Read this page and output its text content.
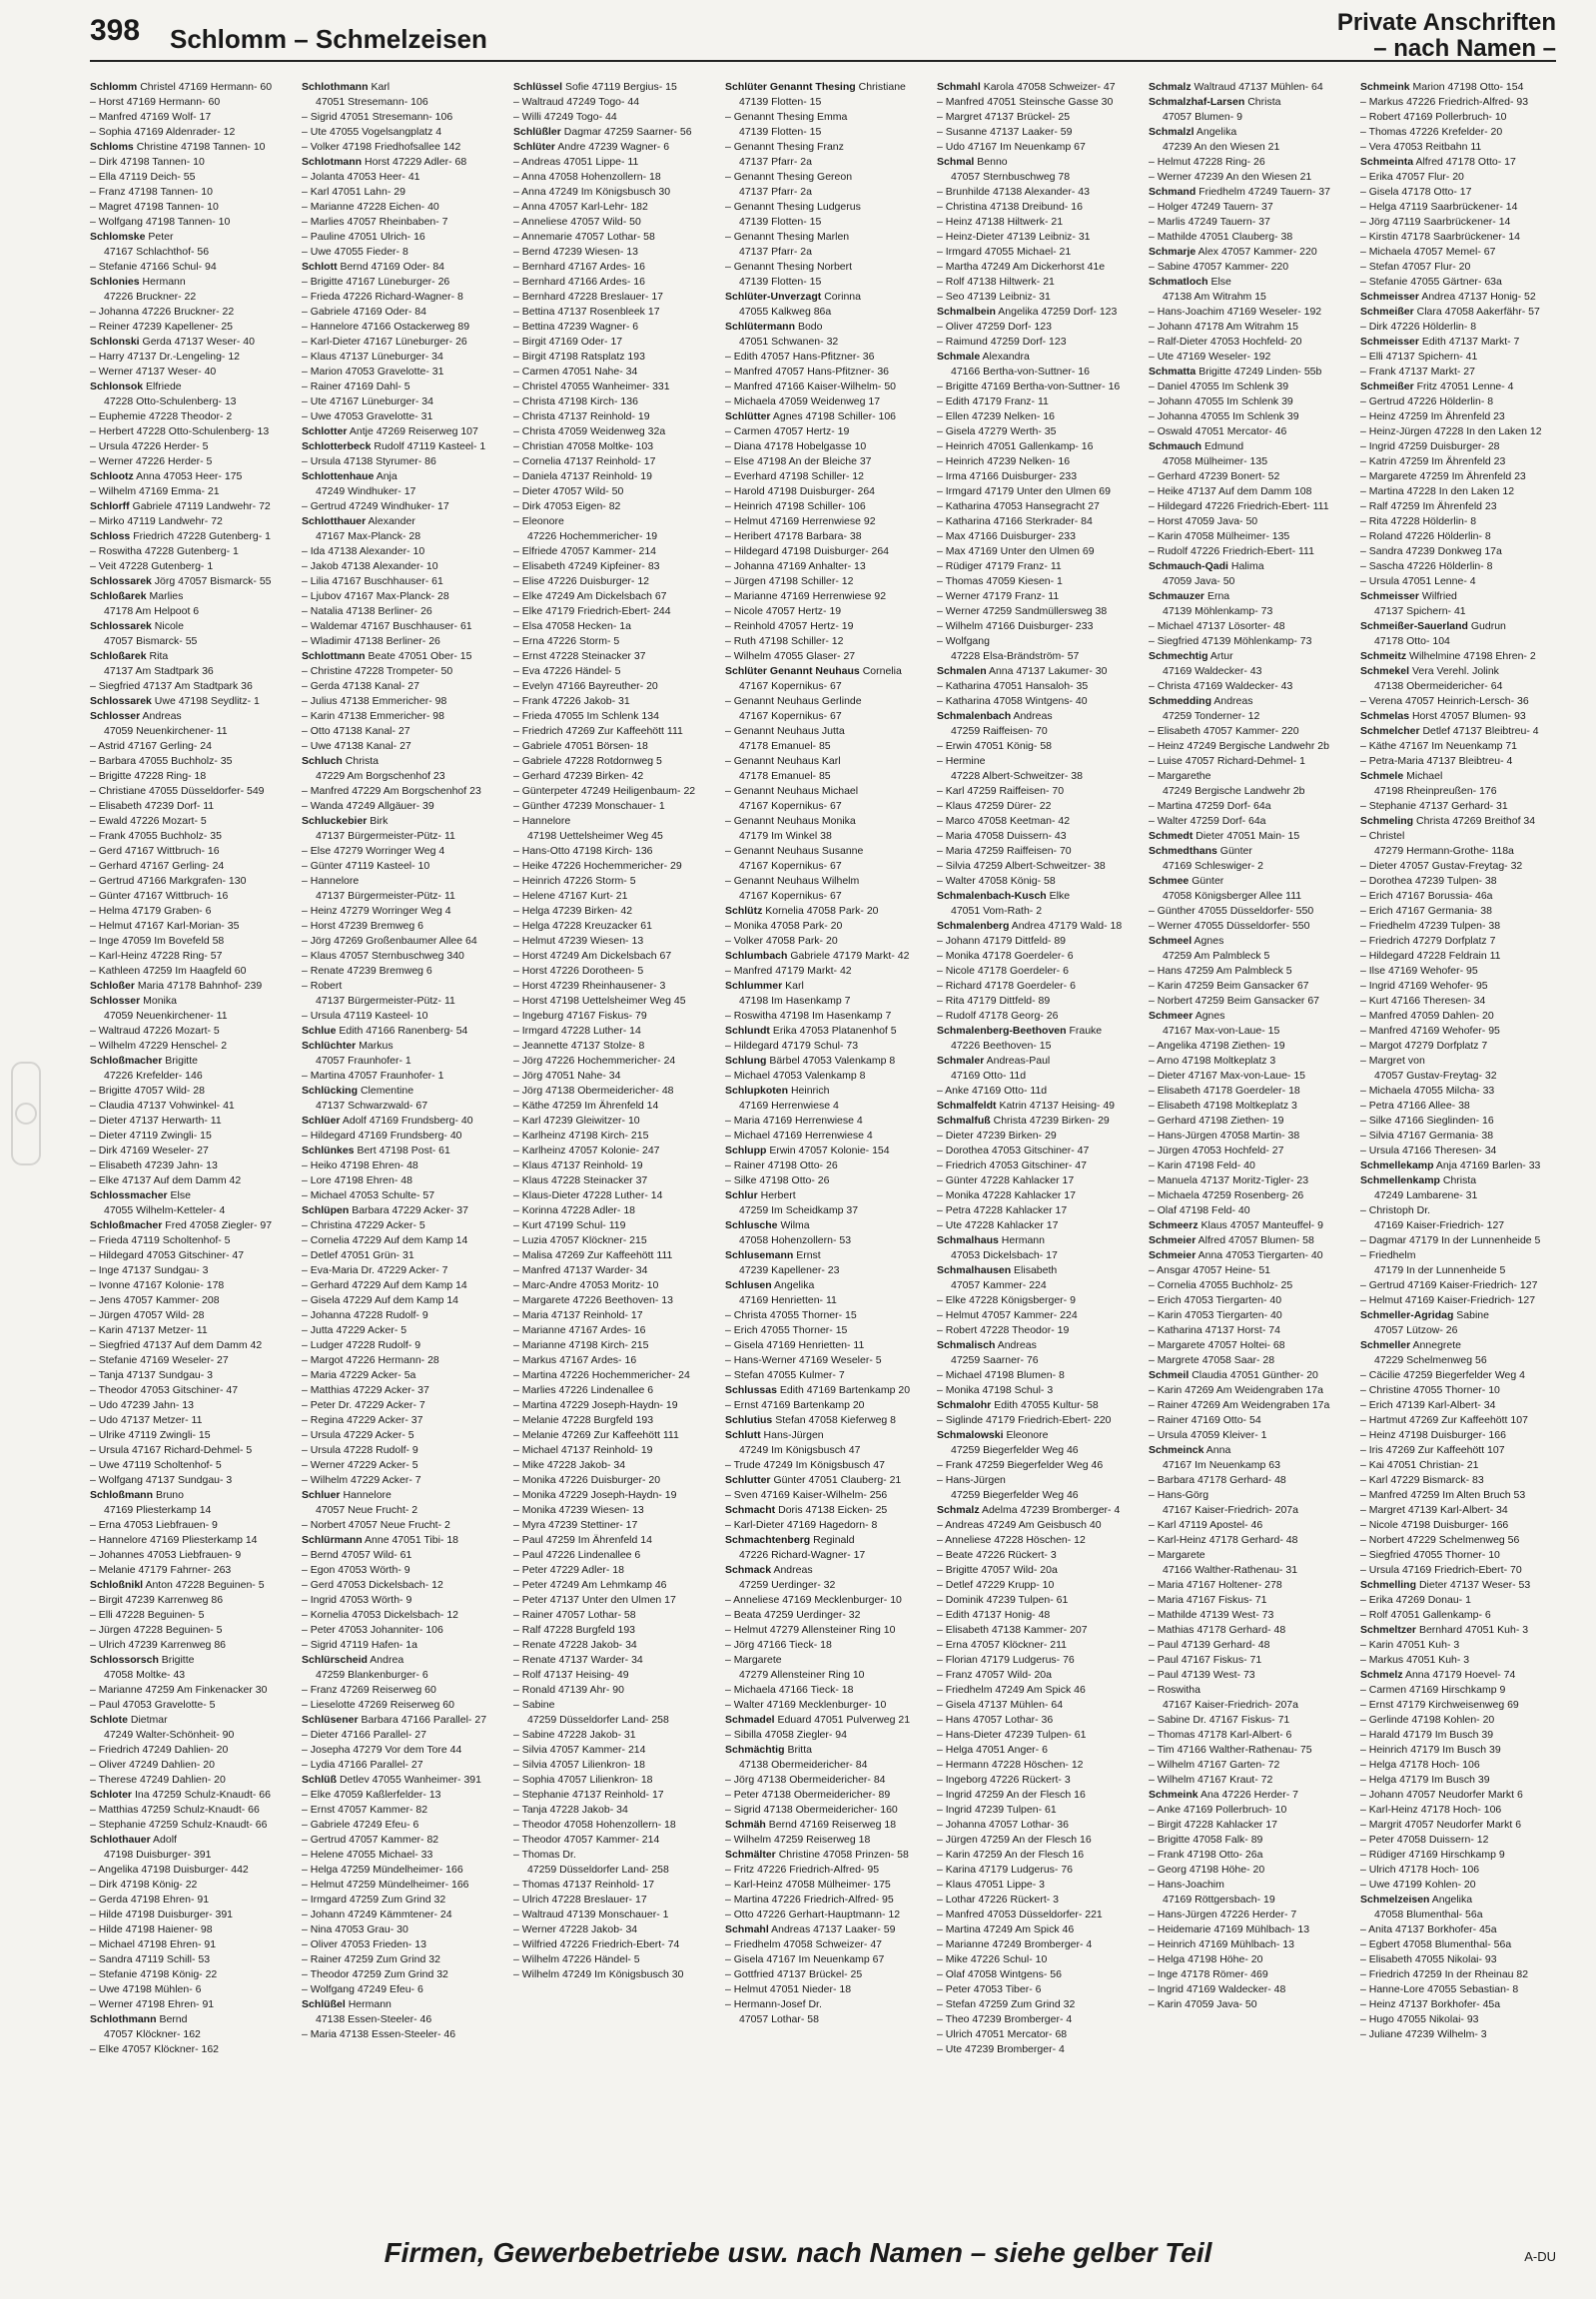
398 Schlomm – Schmelzeisen
Private Anschriften
– nach Namen –
Schlomm Christel 47169 Hermann- 60
– Horst 47169 Hermann- 60
– Manfred 47169 Wolf- 17
– Sophia 47169 Aldenrader- 12
Schloms Christine 47198 Tannen- 10
– Dirk 47198 Tannen- 10
– Ella 47119 Deich- 55
– Franz 47198 Tannen- 10
– Magret 47198 Tannen- 10
– Wolfgang 47198 Tannen- 10
Schlomske Peter
47167 Schlachthof- 56
– Stefanie 47166 Schul- 94
Schlonies Hermann
47226 Bruckner- 22
– Johanna 47226 Bruckner- 22
– Reiner 47239 Kapellener- 25
Schlonski Gerda 47137 Weser- 40
– Harry 47137 Dr.-Lengeling- 12
– Werner 47137 Weser- 40
Schlonsok Elfriede
47228 Otto-Schulenberg- 13
– Euphemie 47228 Theodor- 2
– Herbert 47228 Otto-Schulenberg- 13
– Ursula 47226 Herder- 5
– Werner 47226 Herder- 5
Schlootz Anna 47053 Heer- 175
– Wilhelm 47169 Emma- 21
Schlorff Gabriele 47119 Landwehr- 72
– Mirko 47119 Landwehr- 72
Schloss Friedrich 47228 Gutenberg- 1
– Roswitha 47228 Gutenberg- 1
– Veit 47228 Gutenberg- 1
Schlossarek Jörg 47057 Bismarck- 55
Schloßarek Marlies
47178 Am Helpoot 6
Schlossarek Nicole
47057 Bismarck- 55
Schloßarek Rita
47137 Am Stadtpark 36
– Siegfried 47137 Am Stadtpark 36
Schlossarek Uwe 47198 Seydlitz- 1
Schlosser Andreas
47059 Neuenkirchener- 11
– Astrid 47167 Gerling- 24
– Barbara 47055 Buchholz- 35
– Brigitte 47228 Ring- 18
– Christiane 47055 Düsseldorfer- 549
– Elisabeth 47239 Dorf- 11
– Ewald 47226 Mozart- 5
– Frank 47055 Buchholz- 35
– Gerd 47167 Wittbruch- 16
– Gerhard 47167 Gerling- 24
– Gertrud 47166 Markgrafen- 130
– Günter 47167 Wittbruch- 16
– Helma 47179 Graben- 6
– Helmut 47167 Karl-Morian- 35
– Inge 47059 Im Bovefeld 58
– Karl-Heinz 47228 Ring- 57
– Kathleen 47259 Im Haagfeld 60
Schloßer Maria 47178 Bahnhof- 239
Schlosser Monika
47059 Neuenkirchener- 11
– Waltraud 47226 Mozart- 5
– Wilhelm 47229 Henschel- 2
Schloßmacher Brigitte
47226 Krefelder- 146
– Brigitte 47057 Wild- 28
– Claudia 47137 Vohwinkel- 41
– Dieter 47137 Herwarth- 11
– Dieter 47119 Zwingli- 15
– Dirk 47169 Weseler- 27
– Elisabeth 47239 Jahn- 13
– Elke 47137 Auf dem Damm 42
Schlossmacher Else
47055 Wilhelm-Ketteler- 4
Schloßmacher Fred 47058 Ziegler- 97
– Frieda 47119 Scholtenhof- 5
– Hildegard 47053 Gitschiner- 47
– Inge 47137 Sundgau- 3
– Ivonne 47167 Kolonie- 178
– Jens 47057 Kammer- 208
– Jürgen 47057 Wild- 28
– Karin 47137 Metzer- 11
– Siegfried 47137 Auf dem Damm 42
– Stefanie 47169 Weseler- 27
– Tanja 47137 Sundgau- 3
– Theodor 47053 Gitschiner- 47
– Udo 47239 Jahn- 13
– Udo 47137 Metzer- 11
– Ulrike 47119 Zwingli- 15
– Ursula 47167 Richard-Dehmel- 5
– Uwe 47119 Scholtenhof- 5
– Wolfgang 47137 Sundgau- 3
Schloßmann Bruno
47169 Pliesterkamp 14
– Erna 47053 Liebfrauen- 9
– Hannelore 47169 Pliesterkamp 14
– Johannes 47053 Liebfrauen- 9
– Melanie 47179 Fahrner- 263
Schloßnikl Anton 47228 Beguinen- 5
– Birgit 47239 Karrenweg 86
– Elli 47228 Beguinen- 5
– Jürgen 47228 Beguinen- 5
– Ulrich 47239 Karrenweg 86
Schlossorsch Brigitte
47058 Moltke- 43
– Marianne 47259 Am Finkenacker 30
– Paul 47053 Gravelotte- 5
Schlote Dietmar
47249 Walter-Schönheit- 90
– Friedrich 47249 Dahlien- 20
– Oliver 47249 Dahlien- 20
– Therese 47249 Dahlien- 20
Schloter Ina 47259 Schulz-Knaudt- 66
– Matthias 47259 Schulz-Knaudt- 66
– Stephanie 47259 Schulz-Knaudt- 66
Schlothauer Adolf
47198 Duisburger- 391
– Angelika 47198 Duisburger- 442
– Dirk 47198 König- 22
– Gerda 47198 Ehren- 91
– Hilde 47198 Duisburger- 391
– Hilde 47198 Haiener- 98
– Michael 47198 Ehren- 91
– Sandra 47119 Schill- 53
– Stefanie 47198 König- 22
– Uwe 47198 Mühlen- 6
– Werner 47198 Ehren- 91
Schlothmann Bernd
47057 Klöckner- 162
– Elke 47057 Klöckner- 162
Schlothmann Karl
47051 Stresemann- 106
– Sigrid 47051 Stresemann- 106
– Ute 47055 Vogelsangplatz 4
– Volker 47198 Friedhofsallee 142
Schlotmann Horst 47229 Adler- 68
– Jolanta 47053 Heer- 41
– Karl 47051 Lahn- 29
– Marianne 47228 Eichen- 40
– Marlies 47057 Rheinbaben- 7
– Pauline 47051 Ulrich- 16
– Uwe 47055 Fieder- 8
Schlott Bernd 47169 Oder- 84
– Brigitte 47167 Lüneburger- 26
– Frieda 47226 Richard-Wagner- 8
– Gabriele 47169 Oder- 84
– Hannelore 47166 Ostackerweg 89
– Karl-Dieter 47167 Lüneburger- 26
– Klaus 47137 Lüneburger- 34
– Marion 47053 Gravelotte- 31
– Rainer 47169 Dahl- 5
– Ute 47167 Lüneburger- 34
– Uwe 47053 Gravelotte- 31
Schlotter Antje 47269 Reiserweg 107
Schlotterbeck Rudolf 47119 Kasteel- 1
– Ursula 47138 Styrumer- 86
Schlottenhaue Anja
47249 Windhuker- 17
– Gertrud 47249 Windhuker- 17
Schlotthauer Alexander
47167 Max-Planck- 28
– Ida 47138 Alexander- 10
– Jakob 47138 Alexander- 10
– Lilia 47167 Buschhauser- 61
– Ljubov 47167 Max-Planck- 28
– Natalia 47138 Berliner- 26
– Waldemar 47167 Buschhauser- 61
– Wladimir 47138 Berliner- 26
Schlottmann Beate 47051 Ober- 15
– Christine 47228 Trompeter- 50
– Gerda 47138 Kanal- 27
– Julius 47138 Emmericher- 98
– Karin 47138 Emmericher- 98
– Otto 47138 Kanal- 27
– Uwe 47138 Kanal- 27
Schluch Christa
47229 Am Borgschenhof 23
– Manfred 47229 Am Borgschenhof 23
– Wanda 47249 Allgäuer- 39
Schluckebier Birk
47137 Bürgermeister-Pütz- 11
– Else 47279 Worringer Weg 4
– Günter 47119 Kasteel- 10
– Hannelore
47137 Bürgermeister-Pütz- 11
– Heinz 47279 Worringer Weg 4
– Horst 47239 Bremweg 6
– Jörg 47269 Großenbaumer Allee 64
– Klaus 47057 Sternbuschweg 340
– Renate 47239 Bremweg 6
– Robert
47137 Bürgermeister-Pütz- 11
– Ursula 47119 Kasteel- 10
Schlue Edith 47166 Ranenberg- 54
Schlüchter Markus
47057 Fraunhofer- 1
– Martina 47057 Fraunhofer- 1
Schlücking Clementine
47137 Schwarzwald- 67
Schlüer Adolf 47169 Frundsberg- 40
– Hildegard 47169 Frundsberg- 40
Schlünkes Bert 47198 Post- 61
– Heiko 47198 Ehren- 48
– Lore 47198 Ehren- 48
– Michael 47053 Schulte- 57
Schlüpen Barbara 47229 Acker- 37
– Christina 47229 Acker- 5
– Cornelia 47229 Auf dem Kamp 14
– Detlef 47051 Grün- 31
– Eva-Maria Dr. 47229 Acker- 7
– Gerhard 47229 Auf dem Kamp 14
– Gisela 47229 Auf dem Kamp 14
– Johanna 47228 Rudolf- 9
– Jutta 47229 Acker- 5
– Ludger 47228 Rudolf- 9
– Margot 47226 Hermann- 28
– Maria 47229 Acker- 5a
– Matthias 47229 Acker- 37
– Peter Dr. 47229 Acker- 7
– Regina 47229 Acker- 37
– Ursula 47229 Acker- 5
– Ursula 47228 Rudolf- 9
– Werner 47229 Acker- 5
– Wilhelm 47229 Acker- 7
Schluer Hannelore
47057 Neue Frucht- 2
– Norbert 47057 Neue Frucht- 2
Schlürmann Anne 47051 Tibi- 18
– Bernd 47057 Wild- 61
– Egon 47053 Wörth- 9
– Gerd 47053 Dickelsbach- 12
– Ingrid 47053 Wörth- 9
– Kornelia 47053 Dickelsbach- 12
– Peter 47053 Johanniter- 106
– Sigrid 47119 Hafen- 1a
Schlürscheid Andrea
47259 Blankenburger- 6
– Franz 47269 Reiserweg 60
– Lieselotte 47269 Reiserweg 60
Schlüsener Barbara 47166 Parallel- 27
– Dieter 47166 Parallel- 27
– Josepha 47279 Vor dem Tore 44
– Lydia 47166 Parallel- 27
Schlüß Detlev 47055 Wanheimer- 391
– Elke 47059 Kaßlerfelder- 13
– Ernst 47057 Kammer- 82
– Gabriele 47249 Efeu- 6
– Gertrud 47057 Kammer- 82
– Helene 47055 Michael- 33
– Helga 47259 Mündelheimer- 166
– Helmut 47259 Mündelheimer- 166
– Irmgard 47259 Zum Grind 32
– Johann 47249 Kämmtener- 24
– Nina 47053 Grau- 30
– Oliver 47053 Frieden- 13
– Rainer 47259 Zum Grind 32
– Theodor 47259 Zum Grind 32
– Wolfgang 47249 Efeu- 6
Schlüßel Hermann
47138 Essen-Steeler- 46
– Maria 47138 Essen-Steeler- 46
Schlüssel Sofie 47119 Bergius- 15
– Waltraud 47249 Togo- 44
– Willi 47249 Togo- 44
Schlüßler Dagmar 47259 Saarner- 56
Schlüter Andre 47239 Wagner- 6
– Andreas 47051 Lippe- 11
– Anna 47058 Hohenzollern- 18
– Anna 47249 Im Königsbusch 30
– Anna 47057 Karl-Lehr- 182
– Anneliese 47057 Wild- 50
– Annemarie 47057 Lothar- 58
– Bernd 47239 Wiesen- 13
– Bernhard 47167 Ardes- 16
– Bernhard 47166 Ardes- 16
– Bernhard 47228 Breslauer- 17
– Bettina 47137 Rosenbleek 17
– Bettina 47239 Wagner- 6
– Birgit 47169 Oder- 17
– Birgit 47198 Ratsplatz 193
– Carmen 47051 Nahe- 34
– Christel 47055 Wanheimer- 331
– Christa 47198 Kirch- 136
– Christa 47137 Reinhold- 19
– Christa 47059 Weidenweg 32a
– Christian 47058 Moltke- 103
– Cornelia 47137 Reinhold- 17
– Daniela 47137 Reinhold- 19
– Dieter 47057 Wild- 50
– Dirk 47053 Eigen- 82
– Eleonore
47226 Hochemmericher- 19
– Elfriede 47057 Kammer- 214
– Elisabeth 47249 Kipfeiner- 83
– Elise 47226 Duisburger- 12
– Elke 47249 Am Dickelsbach 67
– Elke 47179 Friedrich-Ebert- 244
– Elsa 47058 Hecken- 1a
– Erna 47226 Storm- 5
– Ernst 47228 Steinacker 37
– Eva 47226 Händel- 5
– Evelyn 47166 Bayreuther- 20
– Frank 47226 Jakob- 31
– Frieda 47055 Im Schlenk 134
– Friedrich 47269 Zur Kaffeehött 111
– Gabriele 47051 Börsen- 18
– Gabriele 47228 Rotdornweg 5
– Gerhard 47239 Birken- 42
– Günterpeter 47249 Heiligenbaum- 22
– Günther 47239 Monschauer- 1
– Hannelore
47198 Uettelsheimer Weg 45
– Hans-Otto 47198 Kirch- 136
– Heike 47226 Hochemmericher- 29
– Heinrich 47226 Storm- 5
– Helene 47167 Kurt- 21
– Helga 47239 Birken- 42
– Helga 47228 Kreuzacker 61
– Helmut 47239 Wiesen- 13
– Horst 47249 Am Dickelsbach 67
– Horst 47226 Dorotheen- 5
– Horst 47239 Rheinhausener- 3
– Horst 47198 Uettelsheimer Weg 45
– Ingeburg 47167 Fiskus- 79
– Irmgard 47228 Luther- 14
– Jeannette 47137 Stolze- 8
– Jörg 47226 Hochemmericher- 24
– Jörg 47051 Nahe- 34
– Jörg 47138 Obermeidericher- 48
– Käthe 47259 Im Ährenfeld 14
– Karl 47239 Gleiwitzer- 10
– Karlheinz 47198 Kirch- 215
– Karlheinz 47057 Kolonie- 247
– Klaus 47137 Reinhold- 19
– Klaus 47228 Steinacker 37
– Klaus-Dieter 47228 Luther- 14
– Korinna 47228 Adler- 18
– Kurt 47199 Schul- 119
– Luzia 47057 Klöckner- 215
– Malisa 47269 Zur Kaffeehött 111
– Manfred 47137 Warder- 34
– Marc-Andre 47053 Moritz- 10
– Margarete 47226 Beethoven- 13
– Maria 47137 Reinhold- 17
– Marianne 47167 Ardes- 16
– Marianne 47198 Kirch- 215
– Markus 47167 Ardes- 16
– Martina 47226 Hochemmericher- 24
– Marlies 47226 Lindenallee 6
– Martina 47229 Joseph-Haydn- 19
– Melanie 47228 Burgfeld 193
– Melanie 47269 Zur Kaffeehött 111
– Michael 47137 Reinhold- 19
– Mike 47228 Jakob- 34
– Monika 47226 Duisburger- 20
– Monika 47229 Joseph-Haydn- 19
– Monika 47239 Wiesen- 13
– Myra 47239 Stettiner- 17
– Paul 47259 Im Ährenfeld 14
– Paul 47226 Lindenallee 6
– Peter 47229 Adler- 18
– Peter 47249 Am Lehmkamp 46
– Peter 47137 Unter den Ulmen 17
– Rainer 47057 Lothar- 58
– Ralf 47228 Burgfeld 193
– Renate 47228 Jakob- 34
– Renate 47137 Warder- 34
– Rolf 47137 Heising- 49
– Ronald 47139 Ahr- 90
– Sabine
47259 Düsseldorfer Land- 258
– Sabine 47228 Jakob- 31
– Silvia 47057 Kammer- 214
– Silvia 47057 Lilienkron- 18
– Sophia 47057 Lilienkron- 18
– Stephanie 47137 Reinhold- 17
– Tanja 47228 Jakob- 34
– Theodor 47058 Hohenzollern- 18
– Theodor 47057 Kammer- 214
– Thomas Dr.
47259 Düsseldorfer Land- 258
– Thomas 47137 Reinhold- 17
– Ulrich 47228 Breslauer- 17
– Waltraud 47139 Monschauer- 1
– Werner 47228 Jakob- 34
– Wilfried 47226 Friedrich-Ebert- 74
– Wilhelm 47226 Händel- 5
– Wilhelm 47249 Im Königsbusch 30
Schlüter Genannt Thesing Christiane
47139 Flotten- 15
– Genannt Thesing Emma
47139 Flotten- 15
– Genannt Thesing Franz
47137 Pfarr- 2a
– Genannt Thesing Gereon
47137 Pfarr- 2a
– Genannt Thesing Ludgerus
47139 Flotten- 15
– Genannt Thesing Marlen
47137 Pfarr- 2a
– Genannt Thesing Norbert
47139 Flotten- 15
Schlüter-Unverzagt Corinna
47055 Kalkweg 86a
Schlütermann Bodo
47051 Schwanen- 32
– Edith 47057 Hans-Pfitzner- 36
– Manfred 47057 Hans-Pfitzner- 36
– Manfred 47166 Kaiser-Wilhelm- 50
– Michaela 47059 Weidenweg 17
Schlütter Agnes 47198 Schiller- 106
– Carmen 47057 Hertz- 19
– Diana 47178 Hobelgasse 10
– Else 47198 An der Bleiche 37
– Everhard 47198 Schiller- 12
– Harold 47198 Duisburger- 264
– Heinrich 47198 Schiller- 106
– Helmut 47169 Herrenwiese 92
– Heribert 47178 Barbara- 38
– Hildegard 47198 Duisburger- 264
– Johanna 47169 Anhalter- 13
– Jürgen 47198 Schiller- 12
– Marianne 47169 Herrenwiese 92
– Nicole 47057 Hertz- 19
– Reinhold 47057 Hertz- 19
– Ruth 47198 Schiller- 12
– Wilhelm 47055 Glaser- 27
Schlüter Genannt Neuhaus Cornelia
47167 Kopernikus- 67
– Genannt Neuhaus Gerlinde
47167 Kopernikus- 67
– Genannt Neuhaus Jutta
47178 Emanuel- 85
– Genannt Neuhaus Karl
47178 Emanuel- 85
– Genannt Neuhaus Michael
47167 Kopernikus- 67
– Genannt Neuhaus Monika
47179 Im Winkel 38
– Genannt Neuhaus Susanne
47167 Kopernikus- 67
– Genannt Neuhaus Wilhelm
47167 Kopernikus- 67
Schlütz Kornelia 47058 Park- 20
– Monika 47058 Park- 20
– Volker 47058 Park- 20
Schlumbach Gabriele 47179 Markt- 42
– Manfred 47179 Markt- 42
Schlummer Karl
47198 Im Hasenkamp 7
– Roswitha 47198 Im Hasenkamp 7
Schlundt Erika 47053 Platanenhof 5
– Hildegard 47179 Schul- 73
Schlung Bärbel 47053 Valenkamp 8
– Michael 47053 Valenkamp 8
Schlupkoten Heinrich
47169 Herrenwiese 4
– Maria 47169 Herrenwiese 4
– Michael 47169 Herrenwiese 4
Schlupp Erwin 47057 Kolonie- 154
– Rainer 47198 Otto- 26
– Silke 47198 Otto- 26
Schlur Herbert
47259 Im Scheidkamp 37
Schlusche Wilma
47058 Hohenzollern- 53
Schlusemann Ernst
47239 Kapellener- 23
Schlusen Angelika
47169 Henrietten- 11
– Christa 47055 Thorner- 15
– Erich 47055 Thorner- 15
– Gisela 47169 Henrietten- 11
– Hans-Werner 47169 Weseler- 5
– Stefan 47055 Kulmer- 7
Schlussas Edith 47169 Bartenkamp 20
– Ernst 47169 Bartenkamp 20
Schlutius Stefan 47058 Kieferweg 8
Schlutt Hans-Jürgen
47249 Im Königsbusch 47
– Trude 47249 Im Königsbusch 47
Schlutter Günter 47051 Clauberg- 21
– Sven 47169 Kaiser-Wilhelm- 256
Schmacht Doris 47138 Eicken- 25
– Karl-Dieter 47169 Hagedorn- 8
Schmachtenberg Reginald
47226 Richard-Wagner- 17
Schmack Andreas
47259 Uerdinger- 32
– Anneliese 47169 Mecklenburger- 10
– Beata 47259 Uerdinger- 32
– Helmut 47279 Allensteiner Ring 10
– Jörg 47166 Tieck- 18
– Margarete
47279 Allensteiner Ring 10
– Michaela 47166 Tieck- 18
– Walter 47169 Mecklenburger- 10
Schmadel Eduard 47051 Pulverweg 21
– Sibilla 47058 Ziegler- 94
Schmächtig Britta
47138 Obermeidericher- 84
– Jörg 47138 Obermeidericher- 84
– Peter 47138 Obermeidericher- 89
– Sigrid 47138 Obermeidericher- 160
Schmäh Bernd 47169 Reiserweg 18
– Wilhelm 47259 Reiserweg 18
Schmälter Christine 47058 Prinzen- 58
– Fritz 47226 Friedrich-Alfred- 95
– Karl-Heinz 47058 Mülheimer- 175
– Martina 47226 Friedrich-Alfred- 95
– Otto 47226 Gerhart-Hauptmann- 12
Schmahl Andreas 47137 Laaker- 59
– Friedhelm 47058 Schweizer- 47
– Gisela 47167 Im Neuenkamp 67
– Gottfried 47137 Brückel- 25
– Helmut 47051 Nieder- 18
– Hermann-Josef Dr.
47057 Lothar- 58
Schmahl Karola 47058 Schweizer- 47
– Manfred 47051 Steinsche Gasse 30
– Margret 47137 Brückel- 25
– Susanne 47137 Laaker- 59
– Udo 47167 Im Neuenkamp 67
Schmal Benno
47057 Sternbuschweg 78
– Brunhilde 47138 Alexander- 43
– Christina 47138 Dreibund- 16
– Heinz 47138 Hiltwerk- 21
– Heinz-Dieter 47139 Leibniz- 31
– Irmgard 47055 Michael- 21
– Martha 47249 Am Dickerhorst 41e
– Rolf 47138 Hiltwerk- 21
– Seo 47139 Leibniz- 31
Schmalbein Angelika 47259 Dorf- 123
– Oliver 47259 Dorf- 123
– Raimund 47259 Dorf- 123
Schmale Alexandra
47166 Bertha-von-Suttner- 16
– Brigitte 47169 Bertha-von-Suttner- 16
– Edith 47179 Franz- 11
– Ellen 47239 Nelken- 16
– Gisela 47279 Werth- 35
– Heinrich 47051 Gallenkamp- 16
– Heinrich 47239 Nelken- 16
– Irma 47166 Duisburger- 233
– Irmgard 47179 Unter den Ulmen 69
– Katharina 47053 Hansegracht 27
– Katharina 47166 Sterkrader- 84
– Max 47166 Duisburger- 233
– Max 47169 Unter den Ulmen 69
– Rüdiger 47179 Franz- 11
– Thomas 47059 Kiesen- 1
– Werner 47179 Franz- 11
– Werner 47259 Sandmüllersweg 38
– Wilhelm 47166 Duisburger- 233
– Wolfgang
47228 Elsa-Brändström- 57
Schmalen Anna 47137 Lakumer- 30
– Katharina 47051 Hansaloh- 35
– Katharina 47058 Wintgens- 40
Schmalenbach Andreas
47259 Raiffeisen- 70
– Erwin 47051 König- 58
– Hermine
47228 Albert-Schweitzer- 38
– Karl 47259 Raiffeisen- 70
– Klaus 47259 Dürer- 22
– Marco 47058 Keetman- 42
– Maria 47058 Duissern- 43
– Maria 47259 Raiffeisen- 70
– Silvia 47259 Albert-Schweitzer- 38
– Walter 47058 König- 58
Schmalenbach-Kusch Elke
47051 Vom-Rath- 2
Schmalenberg Andrea 47179 Wald- 18
– Johann 47179 Dittfeld- 89
– Monika 47178 Goerdeler- 6
– Nicole 47178 Goerdeler- 6
– Richard 47178 Goerdeler- 6
– Rita 47179 Dittfeld- 89
– Rudolf 47178 Georg- 26
Schmalenberg-Beethoven Frauke
47226 Beethoven- 15
Schmaler Andreas-Paul
47169 Otto- 11d
– Anke 47169 Otto- 11d
Schmalfeldt Katrin 47137 Heising- 49
Schmalfuß Christa 47239 Birken- 29
– Dieter 47239 Birken- 29
– Dorothea 47053 Gitschiner- 47
– Friedrich 47053 Gitschiner- 47
– Günter 47228 Kahlacker 17
– Monika 47228 Kahlacker 17
– Petra 47228 Kahlacker 17
– Ute 47228 Kahlacker 17
Schmalhaus Hermann
47053 Dickelsbach- 17
Schmalhausen Elisabeth
47057 Kammer- 224
– Elke 47228 Königsberger- 9
– Helmut 47057 Kammer- 224
– Robert 47228 Theodor- 19
Schmalisch Andreas
47259 Saarner- 76
– Michael 47198 Blumen- 8
– Monika 47198 Schul- 3
Schmalohr Edith 47055 Kultur- 58
– Siglinde 47179 Friedrich-Ebert- 220
Schmalowski Eleonore
47259 Biegerfelder Weg 46
– Frank 47259 Biegerfelder Weg 46
– Hans-Jürgen
47259 Biegerfelder Weg 46
Schmalz Adelma 47239 Bromberger- 4
– Andreas 47249 Am Geisbusch 40
– Anneliese 47228 Höschen- 12
– Beate 47226 Rückert- 3
– Brigitte 47057 Wild- 20a
– Detlef 47229 Krupp- 10
– Dominik 47239 Tulpen- 61
– Edith 47137 Honig- 48
– Elisabeth 47138 Kammer- 207
– Erna 47057 Klöckner- 211
– Florian 47179 Ludgerus- 76
– Franz 47057 Wild- 20a
– Friedhelm 47249 Am Spick 46
– Gisela 47137 Mühlen- 64
– Hans 47057 Lothar- 36
– Hans-Dieter 47239 Tulpen- 61
– Helga 47051 Anger- 6
– Hermann 47228 Höschen- 12
– Ingeborg 47226 Rückert- 3
– Ingrid 47259 An der Flesch 16
– Ingrid 47239 Tulpen- 61
– Johanna 47057 Lothar- 36
– Jürgen 47259 An der Flesch 16
– Karin 47259 An der Flesch 16
– Karina 47179 Ludgerus- 76
– Klaus 47051 Lippe- 3
– Lothar 47226 Rückert- 3
– Manfred 47053 Düsseldorfer- 221
– Martina 47249 Am Spick 46
– Marianne 47249 Bromberger- 4
– Mike 47226 Schul- 10
– Olaf 47058 Wintgens- 56
– Peter 47053 Tiber- 6
– Stefan 47259 Zum Grind 32
– Theo 47239 Bromberger- 4
– Ulrich 47051 Mercator- 68
– Ute 47239 Bromberger- 4
Schmalz Waltraud 47137 Mühlen- 64
Schmalzhaf-Larsen Christa
47057 Blumen- 9
Schmalzl Angelika
47239 An den Wiesen 21
– Helmut 47228 Ring- 26
– Werner 47239 An den Wiesen 21
Schmand Friedhelm 47249 Tauern- 37
– Holger 47249 Tauern- 37
– Marlis 47249 Tauern- 37
– Mathilde 47051 Clauberg- 38
Schmarje Alex 47057 Kammer- 220
– Sabine 47057 Kammer- 220
Schmatloch Else
47138 Am Witrahm 15
– Hans-Joachim 47169 Weseler- 192
– Johann 47178 Am Witrahm 15
– Ralf-Dieter 47053 Hochfeld- 20
– Ute 47169 Weseler- 192
Schmatta Brigitte 47249 Linden- 55b
– Daniel 47055 Im Schlenk 39
– Johann 47055 Im Schlenk 39
– Johanna 47055 Im Schlenk 39
– Oswald 47051 Mercator- 46
Schmauch Edmund
47058 Mülheimer- 135
– Gerhard 47239 Bonert- 52
– Heike 47137 Auf dem Damm 108
– Hildegard 47226 Friedrich-Ebert- 111
– Horst 47059 Java- 50
– Karin 47058 Mülheimer- 135
– Rudolf 47226 Friedrich-Ebert- 111
Schmauch-Qadi Halima
47059 Java- 50
Schmauzer Erna
47139 Möhlenkamp- 73
– Michael 47137 Lösorter- 48
– Siegfried 47139 Möhlenkamp- 73
Schmechtig Artur
47169 Waldecker- 43
– Christa 47169 Waldecker- 43
Schmedding Andreas
47259 Tonderner- 12
– Elisabeth 47057 Kammer- 220
– Heinz 47249 Bergische Landwehr 2b
– Luise 47057 Richard-Dehmel- 1
– Margarethe
47249 Bergische Landwehr 2b
– Martina 47259 Dorf- 64a
– Walter 47259 Dorf- 64a
Schmedt Dieter 47051 Main- 15
Schmedthans Günter
47169 Schleswiger- 2
Schmee Günter
47058 Königsberger Allee 111
– Günther 47055 Düsseldorfer- 550
– Werner 47055 Düsseldorfer- 550
Schmeel Agnes
47259 Am Palmbleck 5
– Hans 47259 Am Palmbleck 5
– Karin 47259 Beim Gansacker 67
– Norbert 47259 Beim Gansacker 67
Schmeer Agnes
47167 Max-von-Laue- 15
– Angelika 47198 Ziethen- 19
– Arno 47198 Moltkeplatz 3
– Dieter 47167 Max-von-Laue- 15
– Elisabeth 47178 Goerdeler- 18
– Elisabeth 47198 Moltkeplatz 3
– Gerhard 47198 Ziethen- 19
– Hans-Jürgen 47058 Martin- 38
– Jürgen 47053 Hochfeld- 27
– Karin 47198 Feld- 40
– Manuela 47137 Moritz-Tigler- 23
– Michaela 47259 Rosenberg- 26
– Olaf 47198 Feld- 40
Schmeerz Klaus 47057 Manteuffel- 9
Schmeier Alfred 47057 Blumen- 58
Schmeier Anna 47053 Tiergarten- 40
– Ansgar 47057 Heine- 51
– Cornelia 47055 Buchholz- 25
– Erich 47053 Tiergarten- 40
– Karin 47053 Tiergarten- 40
– Katharina 47137 Horst- 74
– Margarete 47057 Holtei- 68
– Margrete 47058 Saar- 28
Schmeil Claudia 47051 Günther- 20
– Karin 47269 Am Weidengraben 17a
– Rainer 47269 Am Weidengraben 17a
– Rainer 47169 Otto- 54
– Ursula 47059 Kleiver- 1
Schmeinck Anna
47167 Im Neuenkamp 63
– Barbara 47178 Gerhard- 48
– Hans-Görg
47167 Kaiser-Friedrich- 207a
– Karl 47119 Apostel- 46
– Karl-Heinz 47178 Gerhard- 48
– Margarete
47166 Walther-Rathenau- 31
– Maria 47167 Holtener- 278
– Maria 47167 Fiskus- 71
– Mathilde 47139 West- 73
– Mathias 47178 Gerhard- 48
– Paul 47139 Gerhard- 48
– Paul 47167 Fiskus- 71
– Paul 47139 West- 73
– Roswitha
47167 Kaiser-Friedrich- 207a
– Sabine Dr. 47167 Fiskus- 71
– Thomas 47178 Karl-Albert- 6
– Tim 47166 Walther-Rathenau- 75
– Wilhelm 47167 Garten- 72
– Wilhelm 47167 Kraut- 72
Schmeink Ana 47226 Herder- 7
– Anke 47169 Pollerbruch- 10
– Birgit 47228 Kahlacker 17
– Brigitte 47058 Falk- 89
– Frank 47198 Otto- 26a
– Georg 47198 Höhe- 20
– Hans-Joachim
47169 Röttgersbach- 19
– Hans-Jürgen 47226 Herder- 7
– Heidemarie 47169 Mühlbach- 13
– Heinrich 47169 Mühlbach- 13
– Helga 47198 Höhe- 20
– Inge 47178 Römer- 469
– Ingrid 47169 Waldecker- 48
– Karin 47059 Java- 50
Schmeink Marion 47198 Otto- 154
– Markus 47226 Friedrich-Alfred- 93
– Robert 47169 Pollerbruch- 10
– Thomas 47226 Krefelder- 20
– Vera 47053 Reitbahn 11
Schmeinta Alfred 47178 Otto- 17
– Erika 47057 Flur- 20
– Gisela 47178 Otto- 17
– Helga 47119 Saarbrückener- 14
– Jörg 47119 Saarbrückener- 14
– Kirstin 47178 Saarbrückener- 14
– Michaela 47057 Memel- 67
– Stefan 47057 Flur- 20
– Stefanie 47055 Gärtner- 63a
Schmeisser Andrea 47137 Honig- 52
Schmeißer Clara 47058 Aakerfähr- 57
– Dirk 47226 Hölderlin- 8
Schmeisser Edith 47137 Markt- 7
– Elli 47137 Spichern- 41
– Frank 47137 Markt- 27
Schmeißer Fritz 47051 Lenne- 4
– Gertrud 47226 Hölderlin- 8
– Heinz 47259 Im Ährenfeld 23
– Heinz-Jürgen 47228 In den Laken 12
– Ingrid 47259 Duisburger- 28
– Katrin 47259 Im Ährenfeld 23
– Margarete 47259 Im Ährenfeld 23
– Martina 47228 In den Laken 12
– Ralf 47259 Im Ährenfeld 23
– Rita 47228 Hölderlin- 8
– Roland 47226 Hölderlin- 8
– Sandra 47239 Donkweg 17a
– Sascha 47226 Hölderlin- 8
– Ursula 47051 Lenne- 4
Schmeisser Wilfried
47137 Spichern- 41
Schmeißer-Sauerland Gudrun
47178 Otto- 104
Schmeitz Wilhelmine 47198 Ehren- 2
Schmekel Vera Verehl. Jolink
47138 Obermeidericher- 64
– Verena 47057 Heinrich-Lersch- 36
Schmelas Horst 47057 Blumen- 93
Schmelcher Detlef 47137 Bleibtreu- 4
– Käthe 47167 Im Neuenkamp 71
– Petra-Maria 47137 Bleibtreu- 4
Schmele Michael
47198 Rheinpreußen- 176
– Stephanie 47137 Gerhard- 31
Schmeling Christa 47269 Breithof 34
– Christel
47279 Hermann-Grothe- 118a
– Dieter 47057 Gustav-Freytag- 32
– Dorothea 47239 Tulpen- 38
– Erich 47167 Borussia- 46a
– Erich 47167 Germania- 38
– Friedhelm 47239 Tulpen- 38
– Friedrich 47279 Dorfplatz 7
– Hildegard 47228 Feldrain 11
– Ilse 47169 Wehofer- 95
– Ingrid 47169 Wehofer- 95
– Kurt 47166 Theresen- 34
– Manfred 47059 Dahlen- 20
– Manfred 47169 Wehofer- 95
– Margot 47279 Dorfplatz 7
– Margret von
47057 Gustav-Freytag- 32
– Michaela 47055 Milcha- 33
– Petra 47166 Allee- 38
– Silke 47166 Sieglinden- 16
– Silvia 47167 Germania- 38
– Ursula 47166 Theresen- 34
Schmellekamp Anja 47169 Barlen- 33
Schmellenkamp Christa
47249 Lambarene- 31
– Christoph Dr.
47169 Kaiser-Friedrich- 127
– Dagmar 47179 In der Lunnenheide 5
– Friedhelm
47179 In der Lunnenheide 5
– Gertrud 47169 Kaiser-Friedrich- 127
– Helmut 47169 Kaiser-Friedrich- 127
Schmeller-Agridag Sabine
47057 Lützow- 26
Schmeller Annegrete
47229 Schelmenweg 56
– Cäcilie 47259 Biegerfelder Weg 4
– Christine 47055 Thorner- 10
– Erich 47139 Karl-Albert- 34
– Hartmut 47269 Zur Kaffeehött 107
– Heinz 47198 Duisburger- 166
– Iris 47269 Zur Kaffeehött 107
– Kai 47051 Christian- 21
– Karl 47229 Bismarck- 83
– Manfred 47259 Im Alten Bruch 53
– Margret 47139 Karl-Albert- 34
– Nicole 47198 Duisburger- 166
– Norbert 47229 Schelmenweg 56
– Siegfried 47055 Thorner- 10
– Ursula 47169 Friedrich-Ebert- 70
Schmelling Dieter 47137 Weser- 53
– Erika 47269 Donau- 1
– Rolf 47051 Gallenkamp- 6
Schmeltzer Bernhard 47051 Kuh- 3
– Karin 47051 Kuh- 3
– Markus 47051 Kuh- 3
Schmelz Anna 47179 Hoevel- 74
– Carmen 47169 Hirschkamp 9
– Ernst 47179 Kirchweisenweg 69
– Gerlinde 47198 Kohlen- 20
– Harald 47179 Im Busch 39
– Heinrich 47179 Im Busch 39
– Helga 47178 Hoch- 106
– Helga 47179 Im Busch 39
– Johann 47057 Neudorfer Markt 6
– Karl-Heinz 47178 Hoch- 106
– Margrit 47057 Neudorfer Markt 6
– Peter 47058 Duissern- 12
– Rüdiger 47169 Hirschkamp 9
– Ulrich 47178 Hoch- 106
– Uwe 47199 Kohlen- 20
Schmelzeisen Angelika
47058 Blumenthal- 56a
– Anita 47137 Borkhofer- 45a
– Egbert 47058 Blumenthal- 56a
– Elisabeth 47055 Nikolai- 93
– Friedrich 47259 In der Rheinau 82
– Hanne-Lore 47055 Sebastian- 8
– Heinz 47137 Borkhofer- 45a
– Hugo 47055 Nikolai- 93
– Juliane 47239 Wilhelm- 3
Firmen, Gewerbebetriebe usw. nach Namen – siehe gelber Teil	A-DU
